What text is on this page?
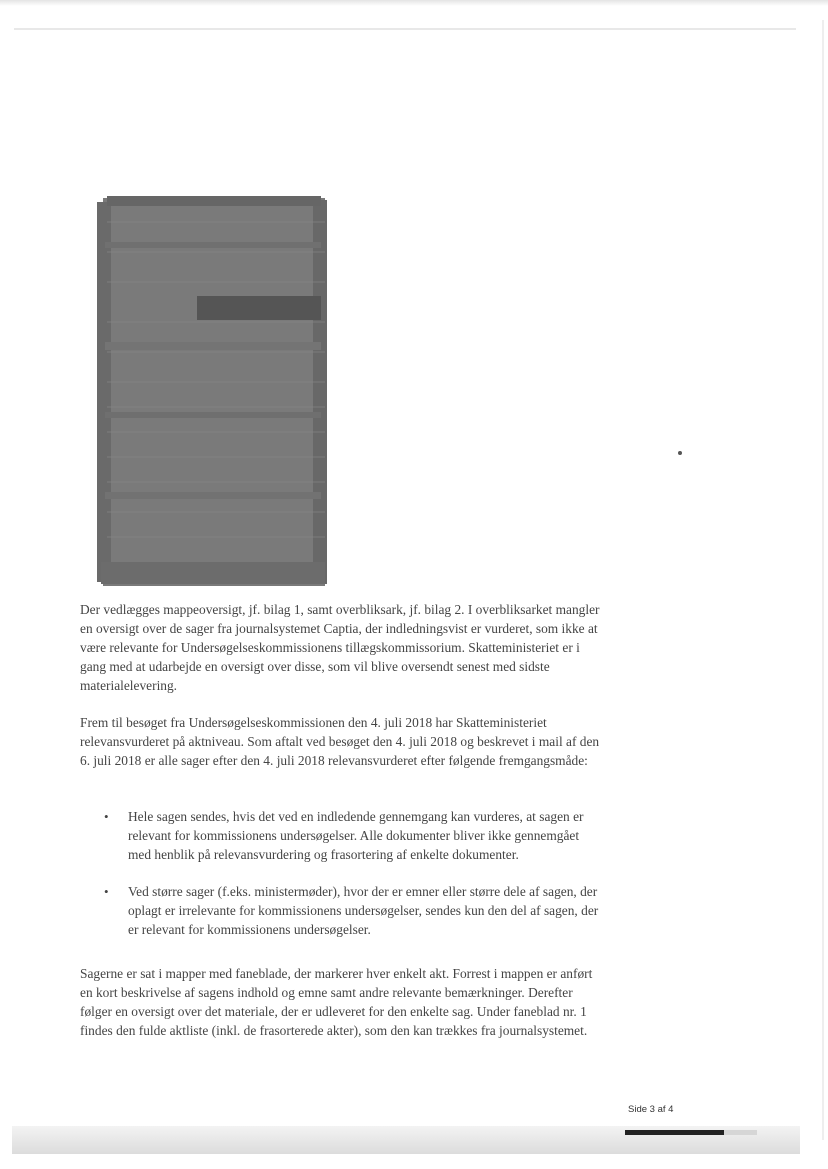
Der vedlægges mappeoversigt, jf. bilag 1, samt overbliksark, jf. bilag 2. I overbliksarket mangler en oversigt over de sager fra journalsystemet Captia, der indledningsvist er vurderet, som ikke at være relevante for Undersøgelseskommissionens tillægskommissorium. Skatteministeriet er i gang med at udarbejde en oversigt over disse, som vil blive oversendt senest med sidste materialelevering.
Frem til besøget fra Undersøgelseskommissionen den 4. juli 2018 har Skatteministeriet relevansvurderet på aktniveau. Som aftalt ved besøget den 4. juli 2018 og beskrevet i mail af den 6. juli 2018 er alle sager efter den 4. juli 2018 relevansvurderet efter følgende fremgangsmåde:
• Hele sagen sendes, hvis det ved en indledende gennemgang kan vurderes, at sagen er relevant for kommissionens undersøgelser. Alle dokumenter bliver ikke gennemgået med henblik på relevansvurdering og frasortering af enkelte dokumenter.
• Ved større sager (f.eks. ministermøder), hvor der er emner eller større dele af sagen, der oplagt er irrelevante for kommissionens undersøgelser, sendes kun den del af sagen, der er relevant for kommissionens undersøgelser.
Sagerne er sat i mapper med faneblade, der markerer hver enkelt akt. Forrest i mappen er anført en kort beskrivelse af sagens indhold og emne samt andre relevante bemærkninger. Derefter følger en oversigt over det materiale, der er udleveret for den enkelte sag. Under faneblad nr. 1 findes den fulde aktliste (inkl. de frasorterede akter), som den kan trækkes fra journalsystemet.
Side 3 af 4
